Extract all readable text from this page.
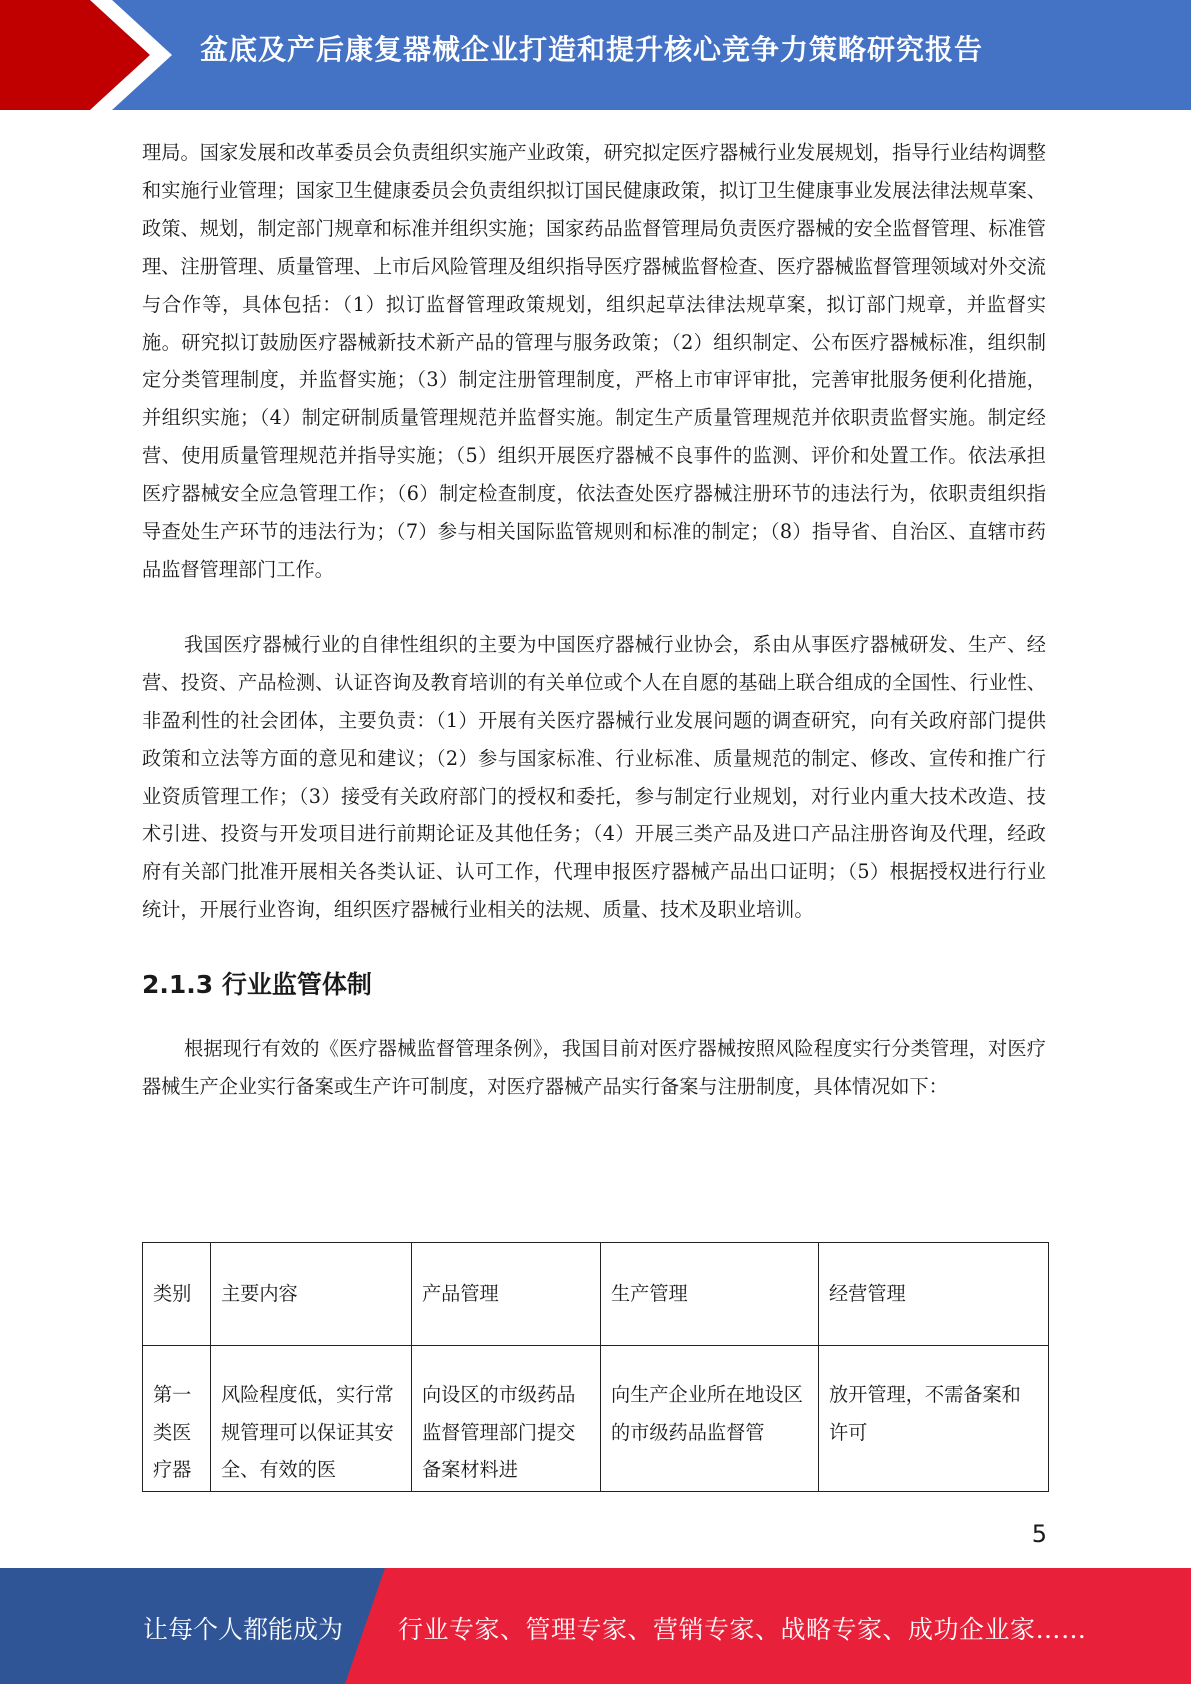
盆底及产后康复器械企业打造和提升核心竞争力策略研究报告

理局。国家发展和改革委员会负责组织实施产业政策，研究拟定医疗器械行业发展规划，指导行业结构调整和实施行业管理；国家卫生健康委员会负责组织拟订国民健康政策，拟订卫生健康事业发展法律法规草案、政策、规划，制定部门规章和标准并组织实施；国家药品监督管理局负责医疗器械的安全监督管理、标准管理、注册管理、质量管理、上市后风险管理及组织指导医疗器械监督检查、医疗器械监督管理领域对外交流与合作等，具体包括：（1）拟订监督管理政策规划，组织起草法律法规草案，拟订部门规章，并监督实施。研究拟订鼓励医疗器械新技术新产品的管理与服务政策；（2）组织制定、公布医疗器械标准，组织制定分类管理制度，并监督实施；（3）制定注册管理制度，严格上市审评审批，完善审批服务便利化措施，并组织实施；（4）制定研制质量管理规范并监督实施。制定生产质量管理规范并依职责监督实施。制定经营、使用质量管理规范并指导实施；（5）组织开展医疗器械不良事件的监测、评价和处置工作。依法承担医疗器械安全应急管理工作；（6）制定检查制度，依法查处医疗器械注册环节的违法行为，依职责组织指导查处生产环节的违法行为；（7）参与相关国际监管规则和标准的制定；（8）指导省、自治区、直辖市药品监督管理部门工作。

我国医疗器械行业的自律性组织的主要为中国医疗器械行业协会，系由从事医疗器械研发、生产、经营、投资、产品检测、认证咨询及教育培训的有关单位或个人在自愿的基础上联合组成的全国性、行业性、非盈利性的社会团体，主要负责：（1）开展有关医疗器械行业发展问题的调查研究，向有关政府部门提供政策和立法等方面的意见和建议；（2）参与国家标准、行业标准、质量规范的制定、修改、宣传和推广行业资质管理工作；（3）接受有关政府部门的授权和委托，参与制定行业规划，对行业内重大技术改造、技术引进、投资与开发项目进行前期论证及其他任务；（4）开展三类产品及进口产品注册咨询及代理，经政府有关部门批准开展相关各类认证、认可工作，代理申报医疗器械产品出口证明；（5）根据授权进行行业统计，开展行业咨询，组织医疗器械行业相关的法规、质量、技术及职业培训。

2.1.3 行业监管体制

根据现行有效的《医疗器械监督管理条例》，我国目前对医疗器械按照风险程度实行分类管理，对医疗器械生产企业实行备案或生产许可制度，对医疗器械产品实行备案与注册制度，具体情况如下：

类别	主要内容	产品管理	生产管理	经营管理
第一类医疗器	风险程度低，实行常规管理可以保证其安全、有效的医	向设区的市级药品监督管理部门提交备案材料进	向生产企业所在地设区的市级药品监督管	放开管理，不需备案和许可
5
让每个人都能成为 行业专家、管理专家、营销专家、战略专家、成功企业家……
